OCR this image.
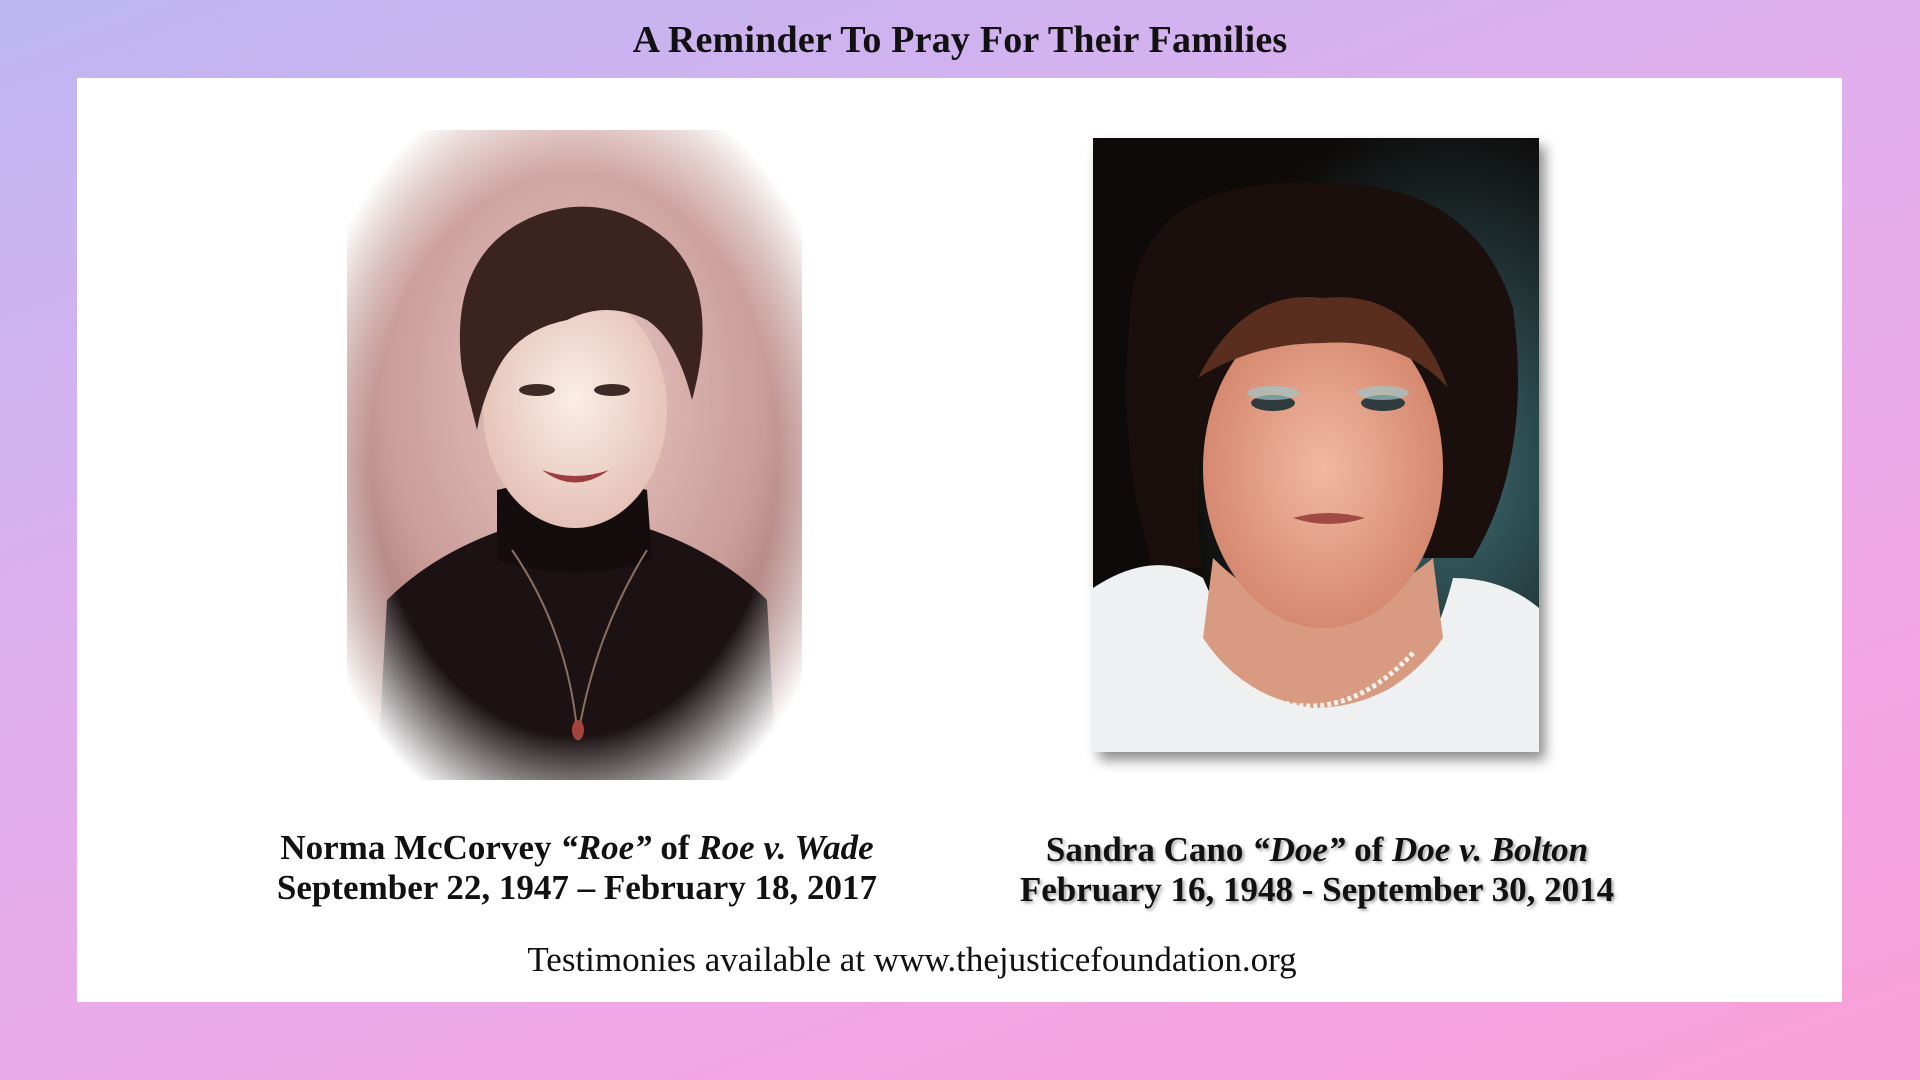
A Reminder To Pray For Their Families
Norma McCorvey “Roe” of Roe v. Wade
September 22, 1947 – February 18, 2017
Sandra Cano “Doe” of Doe v. Bolton
February 16, 1948 - September 30, 2014
Testimonies available at www.thejusticefoundation.org
